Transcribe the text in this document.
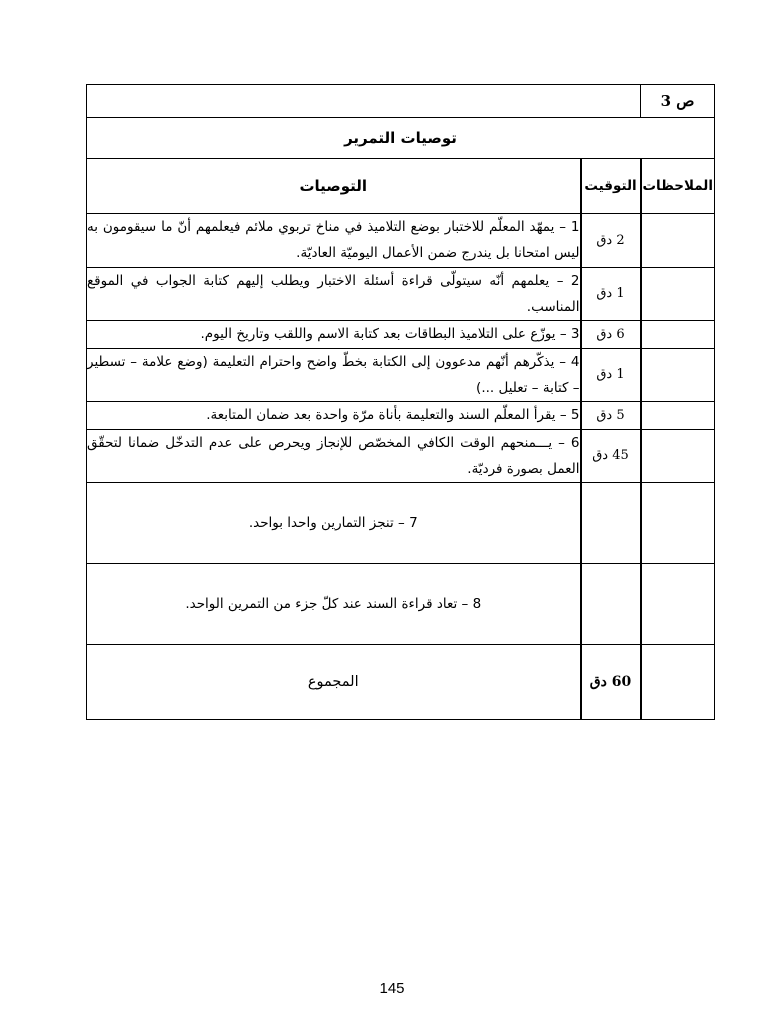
ص 3		
توصيات التمرير		
الملاحظات	التوقيت	التوصيات
	2 دق	1 – يمهّد المعلّم للاختبار بوضع التلاميذ في مناخ تربوي ملائم فيعلمهم أنّ ما سيقومون به ليس امتحانا بل يندرج ضمن الأعمال اليوميّة العاديّة.
	1 دق	2 – يعلمهم أنّه سيتولّى قراءة أسئلة الاختبار ويطلب إليهم كتابة الجواب في الموقع المناسب.
	6 دق	3 – يوزّع على التلاميذ البطاقات بعد كتابة الاسم واللقب وتاريخ اليوم.
	1 دق	4 – يذكّرهم أنّهم مدعوون إلى الكتابة بخطّ واضح واحترام التعليمة (وضع علامة – تسطير – كتابة – تعليل ...)
	5 دق	5 – يقرأ المعلّم السند والتعليمة بأناة مرّة واحدة بعد ضمان المتابعة.
	45 دق	6 – يـــمنحهم الوقت الكافي المخصّص للإنجاز ويحرص على عدم التدخّل ضمانا لتحقّق العمل بصورة فرديّة.
		7 – تنجز التمارين واحدا بواحد.
		8 – تعاد قراءة السند عند كلّ جزء من التمرين الواحد.
	60 دق	المجموع

145
